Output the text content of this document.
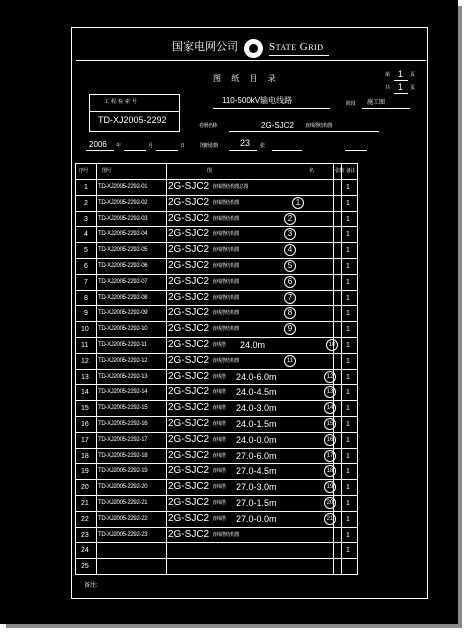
国家电网公司	State Grid
图 纸 目 录	第 1 页
共 1 页
110-500kV输电线路	阶段 施工图
工程检索号
TD-XJ2005-2292
卷册名称	2G-SJC2 直线塔结构图
2006 年	月	日	图纸张数 23 张
序号	图号	图	名	张数 备注
1 TD-XJ2005-2292-01 2G-SJC2 直线塔结构图总图	1
2 TD-XJ2005-2292-02 2G-SJC2 直线塔结构图	1	1
3 TD-XJ2005-2292-03 2G-SJC2 直线塔结构图	2	1
4 TD-XJ2005-2292-04 2G-SJC2 直线塔结构图	3	1
5 TD-XJ2005-2292-05 2G-SJC2 直线塔结构图	4	1
6 TD-XJ2005-2292-06 2G-SJC2 直线塔结构图	5	1
7 TD-XJ2005-2292-07 2G-SJC2 直线塔结构图	6	1
8 TD-XJ2005-2292-08 2G-SJC2 直线塔结构图	7	1
9 TD-XJ2005-2292-09 2G-SJC2 直线塔结构图	8	1
10 TD-XJ2005-2292-10 2G-SJC2 直线塔结构图	9	1
11 TD-XJ2005-2292-11 2G-SJC2 直线塔 24.0m	10	1
12 TD-XJ2005-2292-12 2G-SJC2 直线塔结构图	11	1
13 TD-XJ2005-2292-13 2G-SJC2 直线塔 24.0-6.0m	12	1
14 TD-XJ2005-2292-14 2G-SJC2 直线塔 24.0-4.5m	13	1
15 TD-XJ2005-2292-15 2G-SJC2 直线塔 24.0-3.0m	14	1
16 TD-XJ2005-2292-16 2G-SJC2 直线塔 24.0-1.5m	15	1
17 TD-XJ2005-2292-17 2G-SJC2 直线塔 24.0-0.0m	16	1
18 TD-XJ2005-2292-18 2G-SJC2 直线塔 27.0-6.0m	17	1
19 TD-XJ2005-2292-19 2G-SJC2 直线塔 27.0-4.5m	18	1
20 TD-XJ2005-2292-20 2G-SJC2 直线塔 27.0-3.0m	19	1
21 TD-XJ2005-2292-21 2G-SJC2 直线塔 27.0-1.5m	20	1
22 TD-XJ2005-2292-22 2G-SJC2 直线塔 27.0-0.0m	21	1
23 TD-XJ2005-2292-23 2G-SJC2 直线塔结构图	1
24	1
25
备注:
